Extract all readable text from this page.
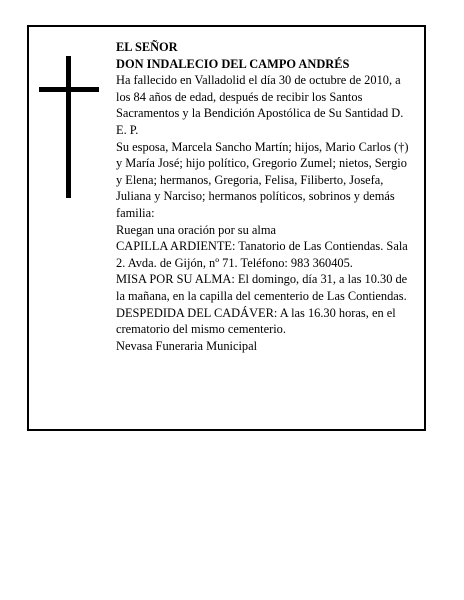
EL SEÑOR

DON INDALECIO DEL CAMPO ANDRÉS

Ha fallecido en Valladolid el día 30 de octubre de 2010, a los 84 años de edad, después de recibir los Santos Sacramentos y la Bendición Apostólica de Su Santidad D. E. P.

Su esposa, Marcela Sancho Martín; hijos, Mario Carlos (†) y María José; hijo político, Gregorio Zumel; nietos, Sergio y Elena; hermanos, Gregoria, Felisa, Filiberto, Josefa, Juliana y Narciso; hermanos políticos, sobrinos y demás familia:

Ruegan una oración por su alma

CAPILLA ARDIENTE: Tanatorio de Las Contiendas. Sala 2. Avda. de Gijón, nº 71. Teléfono: 983 360405.

MISA POR SU ALMA: El domingo, día 31, a las 10.30 de la mañana, en la capilla del cementerio de Las Contiendas.

DESPEDIDA DEL CADÁVER: A las 16.30 horas, en el crematorio del mismo cementerio.

Nevasa Funeraria Municipal
